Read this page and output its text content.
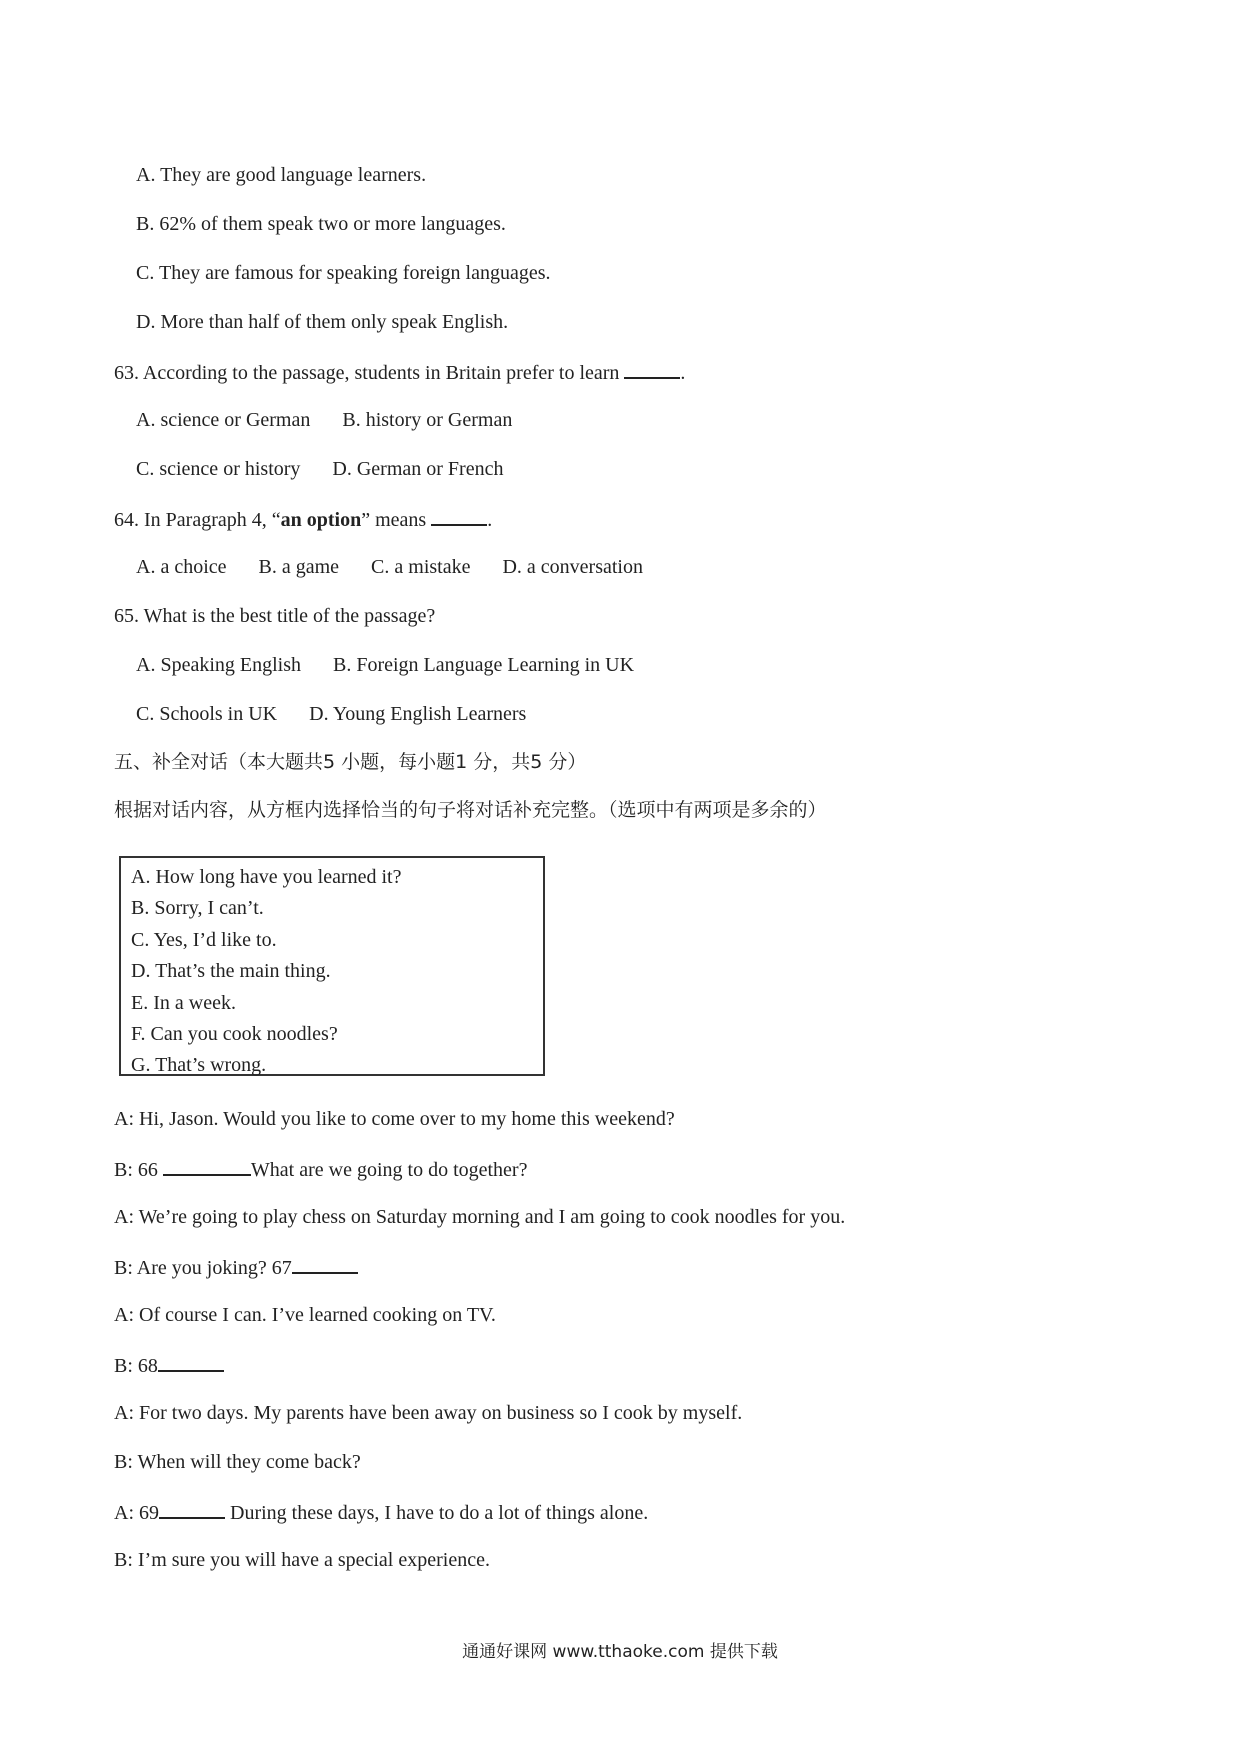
A. They are good language learners.
B. 62% of them speak two or more languages.
C. They are famous for speaking foreign languages.
D. More than half of them only speak English.
63. According to the passage, students in Britain prefer to learn	.
A. science or German B. history or German
C. science or history D. German or French
64. In Paragraph 4, “an option” means	.
A. a choice B. a game C. a mistake D. a conversation
65. What is the best title of the passage?
A. Speaking English B. Foreign Language Learning in UK
C. Schools in UK D. Young English Learners
五、补全对话（本大题共5 小题，每小题1 分，共5 分）
根据对话内容，从方框内选择恰当的句子将对话补充完整。（选项中有两项是多余的）
A. How long have you learned it?
B. Sorry, I can’t.
C. Yes, I’d like to.
D. That’s the main thing.
E. In a week.
F. Can you cook noodles?
G. That’s wrong.
A: Hi, Jason. Would you like to come over to my home this weekend?
B: 66	What are we going to do together?
A: We’re going to play chess on Saturday morning and I am going to cook noodles for you.
B: Are you joking? 67
A: Of course I can. I’ve learned cooking on TV.
B: 68
A: For two days. My parents have been away on business so I cook by myself.
B: When will they come back?
A: 69	During these days, I have to do a lot of things alone.
B: I’m sure you will have a special experience.
通通好课网 www.tthaoke.com 提供下载
